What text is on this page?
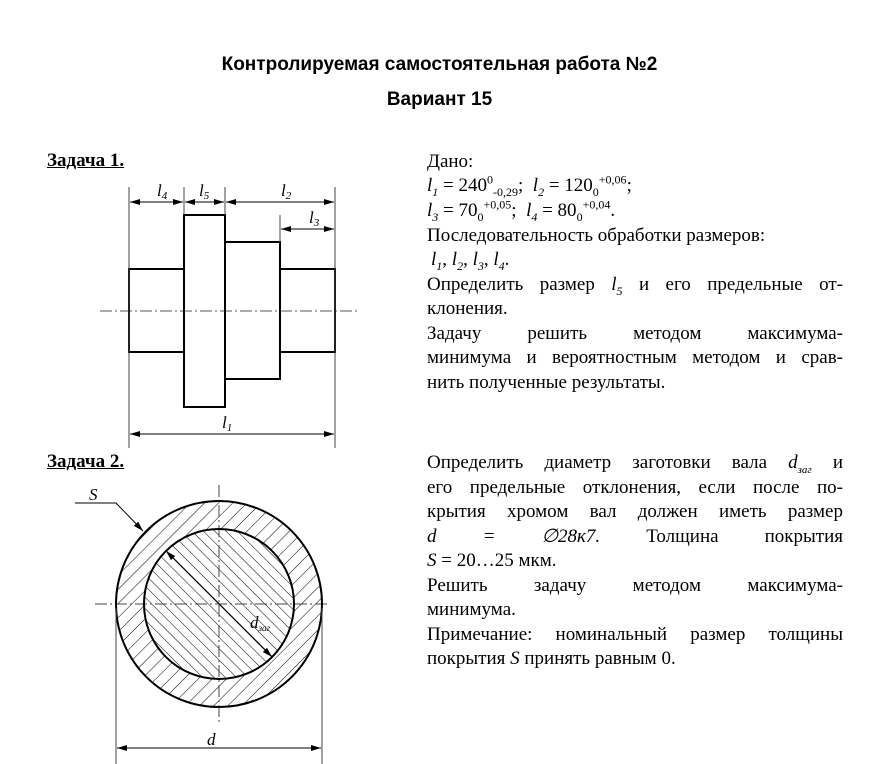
Контролируемая самостоятельная работа №2
Вариант 15
Задача 1.
Задача 2.
Дано:
$l_1 = 240^0_{-0,29}$; $l_2 = 120_0^{+0,06}$;
$l_3 = 70_0^{+0,05}$; $l_4 = 80_0^{+0,04}$.
Последовательность обработки размеров:
$l_1$, $l_2$, $l_3$, $l_4$.
Определить размер $l_5$ и его предельные от-
клонения.
Задачу решить методом максимума-
минимума и вероятностным методом и срав-
нить полученные результаты.
Определить диаметр заготовки вала $d_{заг}$ и
его предельные отклонения, если после по-
крытия хромом вал должен иметь размер
d = ∅28к7. Толщина покрытия
S = 20…25 мкм.
Решить задачу методом максимума-
минимума.
Примечание: номинальный размер толщины
покрытия S принять равным 0.
l4 l5	l2
l3
l1
S
d
dзаг
